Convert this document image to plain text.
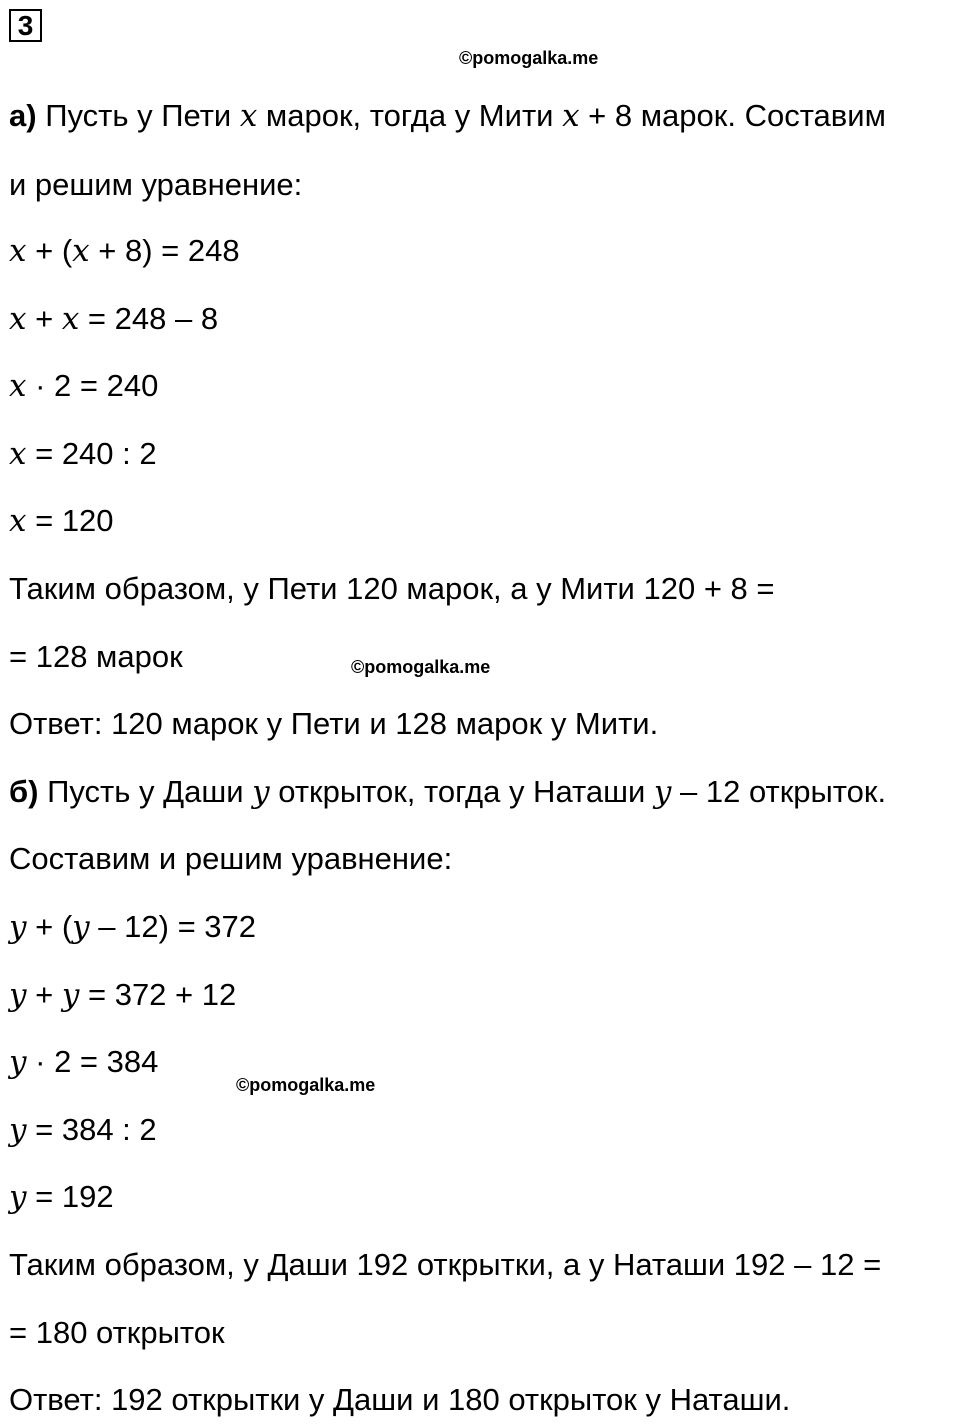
3
©pomogalka.me
©pomogalka.me
©pomogalka.me
а) Пусть у Пети x марок, тогда у Мити x + 8 марок. Составим
и решим уравнение:
x + (x + 8) = 248
x + x = 248 – 8
x · 2 = 240
x = 240 : 2
x = 120
Таким образом, у Пети 120 марок, а у Мити 120 + 8 =
= 128 марок
Ответ: 120 марок у Пети и 128 марок у Мити.
б) Пусть у Даши y открыток, тогда у Наташи y – 12 открыток.
Составим и решим уравнение:
y + (y – 12) = 372
y + y = 372 + 12
y · 2 = 384
y = 384 : 2
y = 192
Таким образом, у Даши 192 открытки, а у Наташи 192 – 12 =
= 180 открыток
Ответ: 192 открытки у Даши и 180 открыток у Наташи.
